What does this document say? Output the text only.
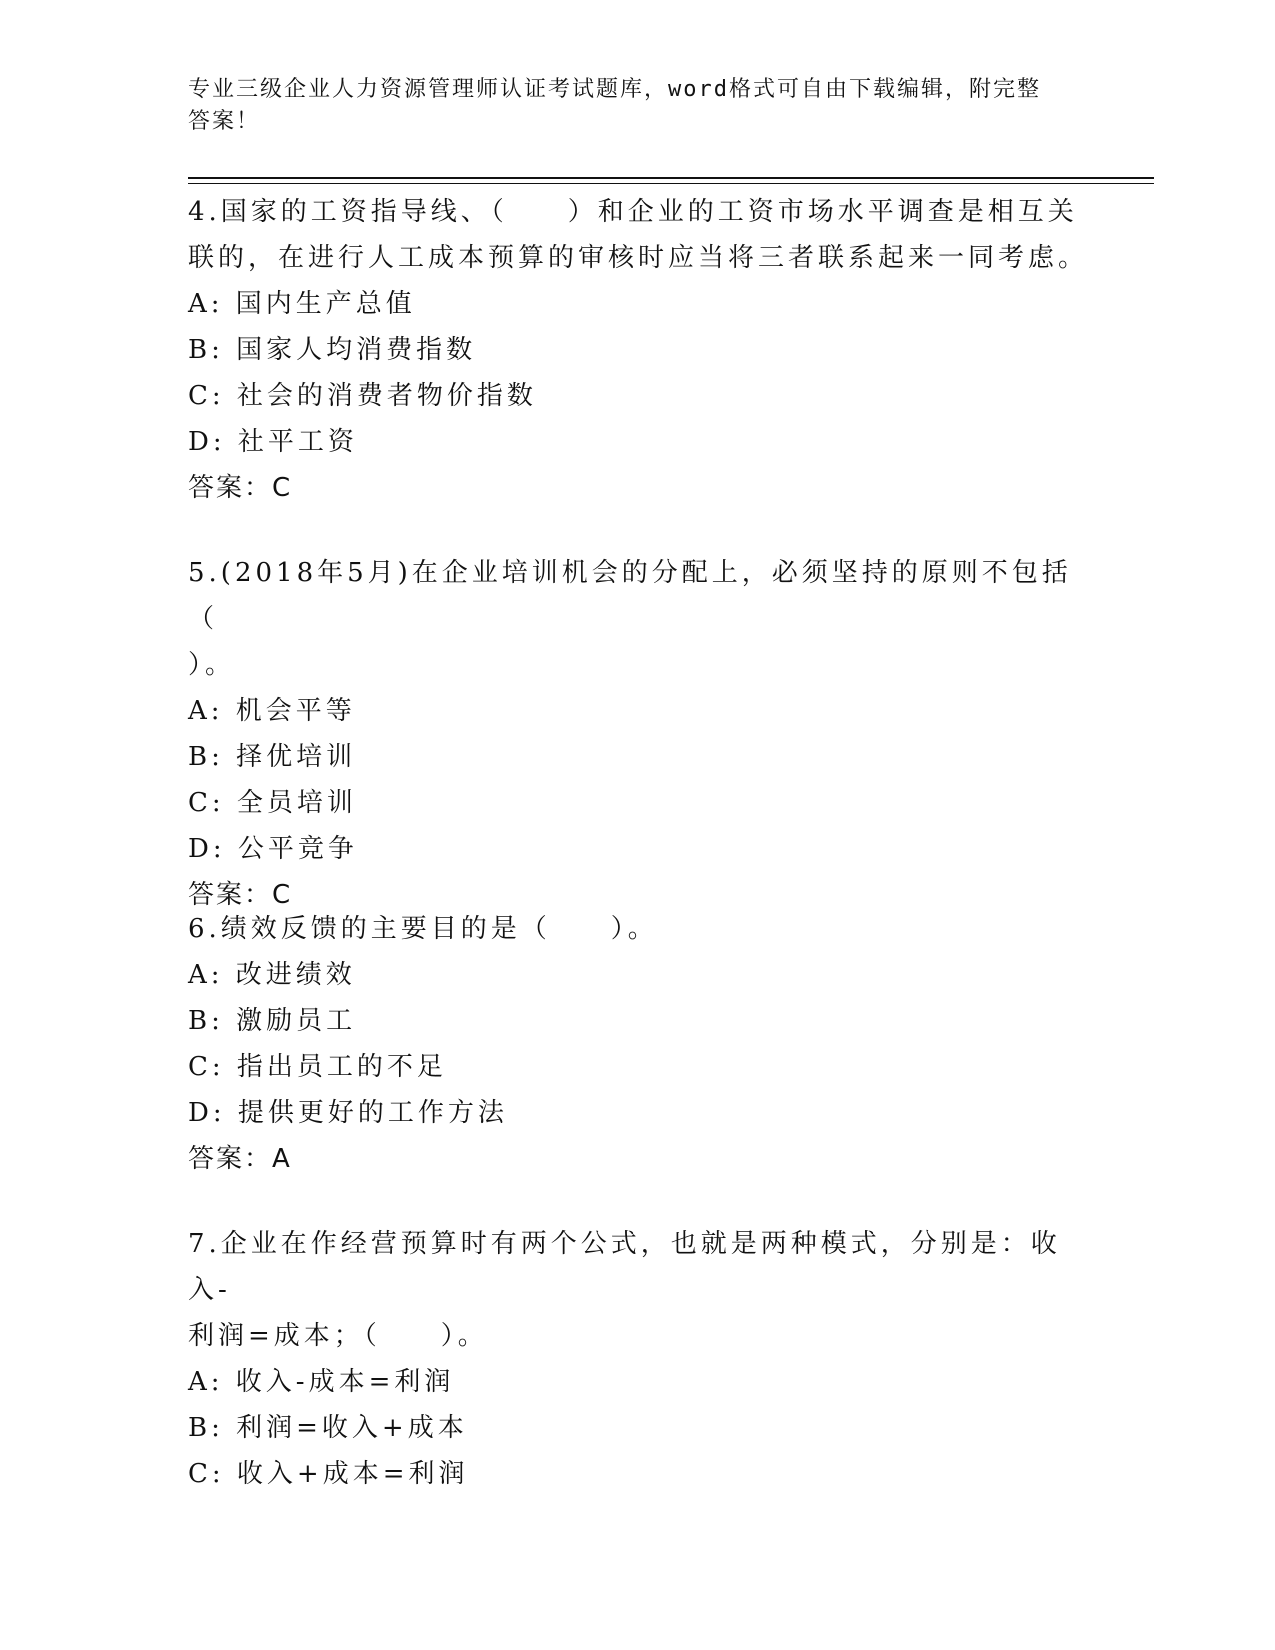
专业三级企业人力资源管理师认证考试题库，word格式可自由下载编辑，附完整
答案！

4.国家的工资指导线、（　　）和企业的工资市场水平调查是相互关

联的，在进行人工成本预算的审核时应当将三者联系起来一同考虑。

A: 国内生产总值

B: 国家人均消费指数

C: 社会的消费者物价指数

D: 社平工资

答案：C

5.(2018年5月)在企业培训机会的分配上，必须坚持的原则不包括（

）。

A: 机会平等

B: 择优培训

C: 全员培训

D: 公平竞争

答案：C

6.绩效反馈的主要目的是（　　）。

A: 改进绩效

B: 激励员工

C: 指出员工的不足

D: 提供更好的工作方法

答案：A

7.企业在作经营预算时有两个公式，也就是两种模式，分别是：收入-

利润=成本；（　　）。

A: 收入-成本=利润

B: 利润=收入+成本

C: 收入+成本=利润
